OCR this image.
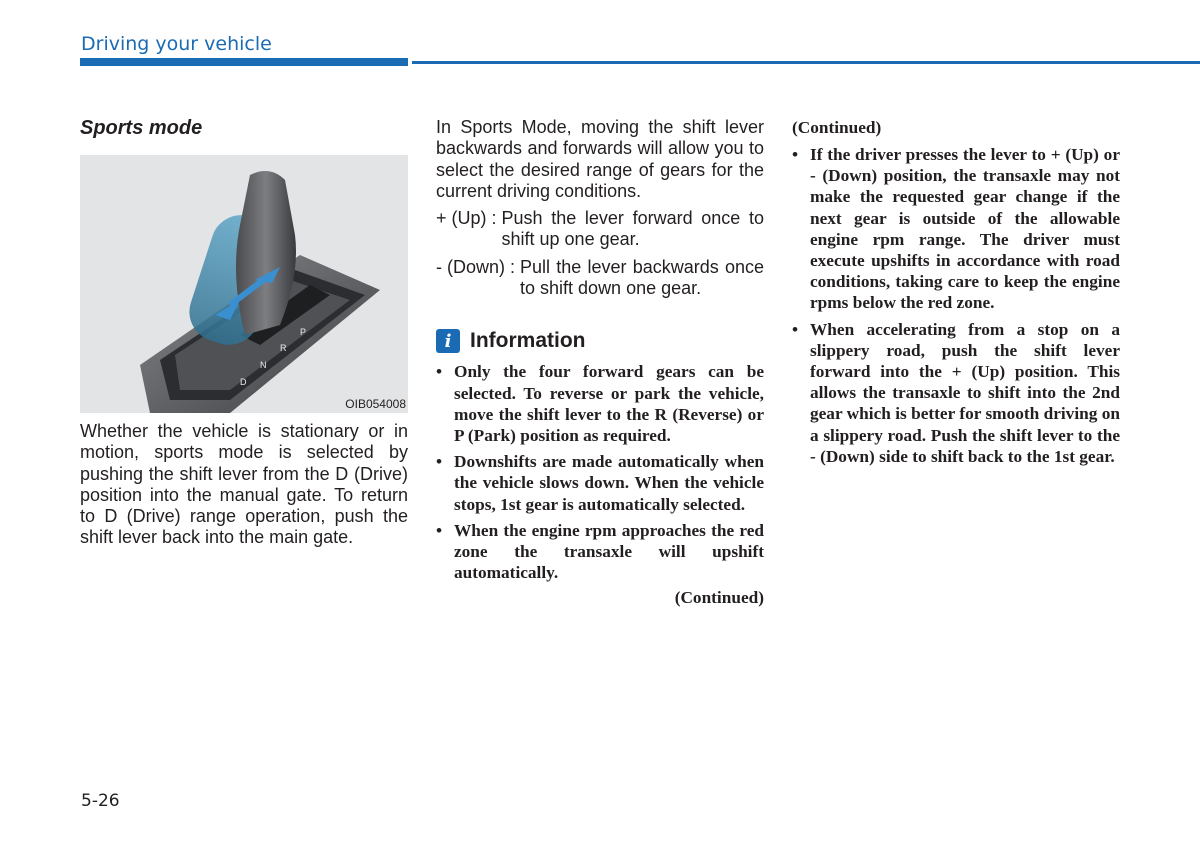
Driving your vehicle
Sports mode
D
N
R
P
OIB054008

Whether the vehicle is stationary or in motion, sports mode is selected by pushing the shift lever from the D (Drive) position into the manual gate. To return to D (Drive) range operation, push the shift lever back into the main gate.

In Sports Mode, moving the shift lever backwards and forwards will allow you to select the desired range of gears for the current driving conditions.

+ (Up) : Push the lever forward once to shift up one gear.
- (Down) : Pull the lever backwards once to shift down one gear.
i Information
• Only the four forward gears can be selected. To reverse or park the vehicle, move the shift lever to the R (Reverse) or P (Park) position as required.
• Downshifts are made automatically when the vehicle slows down. When the vehicle stops, 1st gear is automatically selected.
• When the engine rpm approaches the red zone the transaxle will upshift automatically.
(Continued)

(Continued)

• If the driver presses the lever to + (Up) or - (Down) position, the transaxle may not make the requested gear change if the next gear is outside of the allowable engine rpm range. The driver must execute upshifts in accordance with road conditions, taking care to keep the engine rpms below the red zone.
• When accelerating from a stop on a slippery road, push the shift lever forward into the + (Up) position. This allows the transaxle to shift into the 2nd gear which is better for smooth driving on a slippery road. Push the shift lever to the - (Down) side to shift back to the 1st gear.
5-26
